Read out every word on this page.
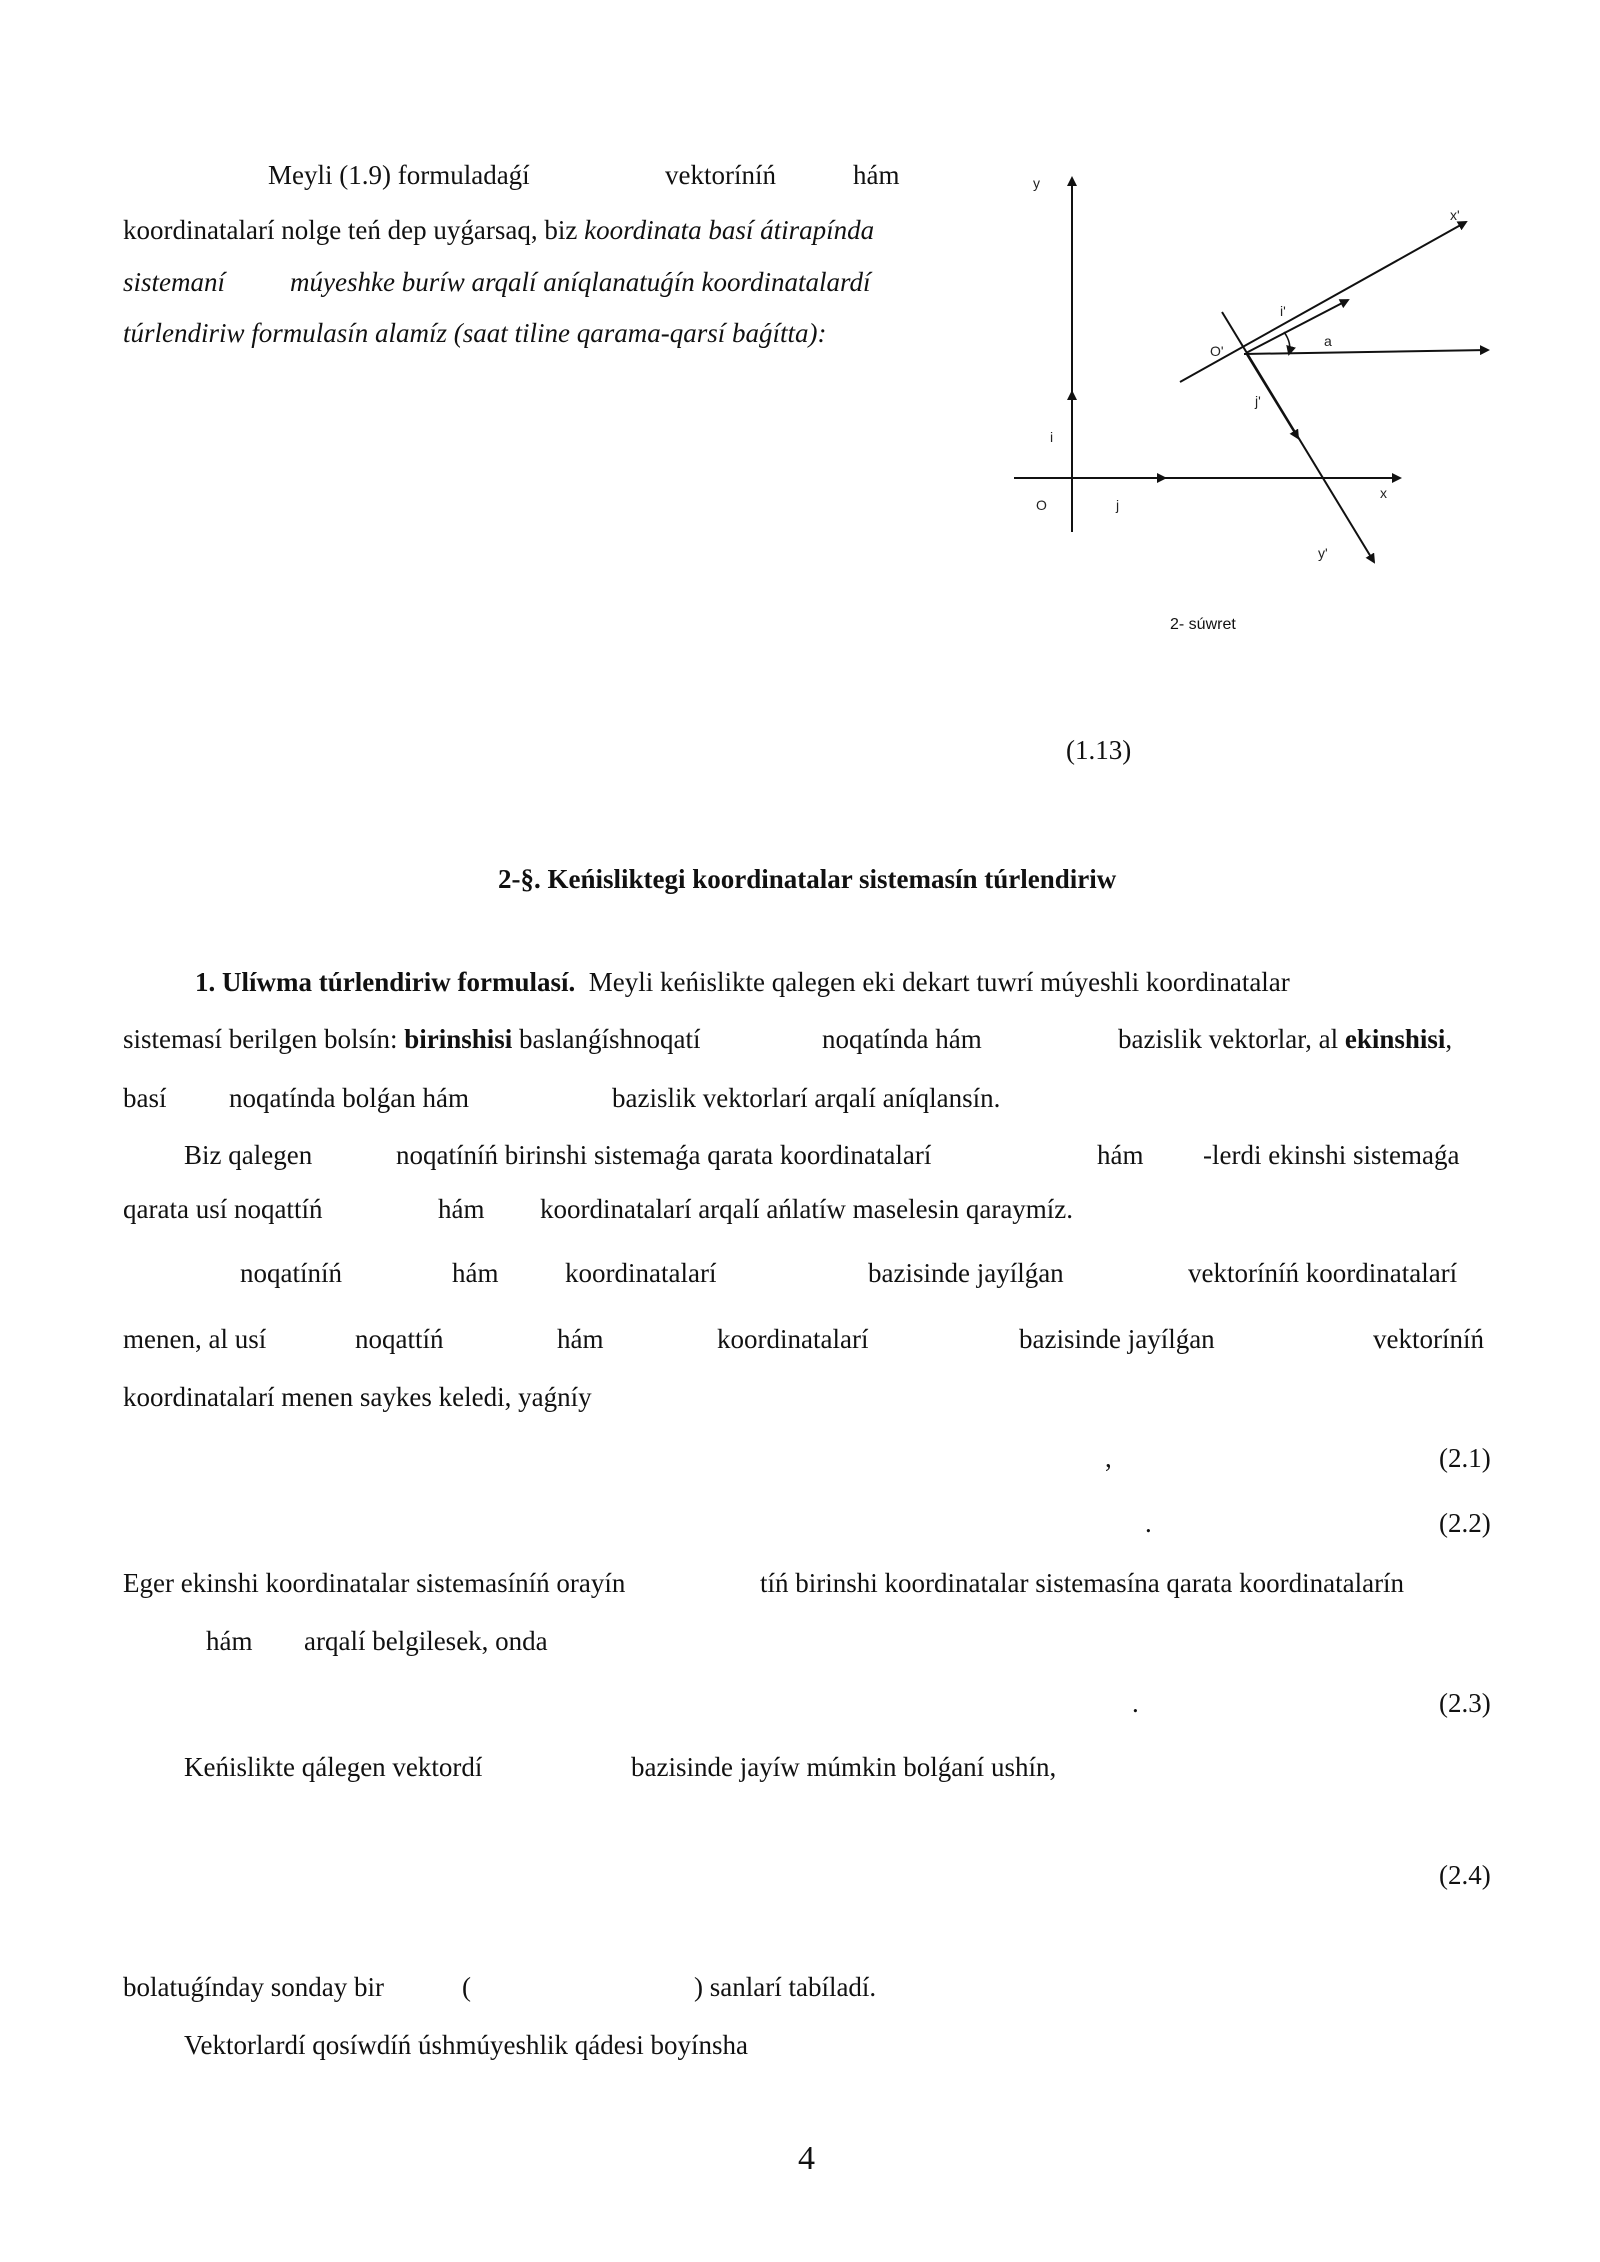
Meyli (1.9) formuladaǵí	vektoríníń	hám
koordinatalarí nolge teń dep uyǵarsaq, biz koordinata basí átirapínda
sistemaní múyeshke buríw arqalí aníqlanatuǵín koordinatalardí
túrlendiriw formulasín alamíz (saat tiline qarama-qarsí baǵítta):
y
x
O
i
j
O'
x'
y'
i'
j'
a
2- súwret
(1.13)
2-§. Keńisliktegi koordinatalar sistemasín túrlendiriw
1. Ulíwma túrlendiriw formulasí. Meyli keńislikte qalegen eki dekart tuwrí múyeshli koordinatalar
sistemasí berilgen bolsín: birinshisi baslanǵíshnoqatí	noqatínda hám	bazislik vektorlar, al ekinshisi,
basí noqatínda bolǵan hám	bazislik vektorlarí arqalí aníqlansín.
Biz qalegen	noqatíníń birinshi sistemaǵa qarata koordinatalarí	hám -lerdi ekinshi sistemaǵa
qarata usí noqattíń	hám koordinatalarí arqalí ańlatíw maselesin qaraymíz.
noqatíníń	hám koordinatalarí	bazisinde jayílǵan	vektoríníń koordinatalarí
menen, al usí	noqattíń	hám	koordinatalarí	bazisinde jayílǵan	vektoríníń
koordinatalarí menen saykes keledi, yaǵníy
,	(2.1)
.	(2.2)
Eger ekinshi koordinatalar sistemasíníń orayín	tíń birinshi koordinatalar sistemasína qarata koordinatalarín
hám arqalí belgilesek, onda
.	(2.3)
Keńislikte qálegen vektordí	bazisinde jayíw múmkin bolǵaní ushín,
(2.4)
bolatuǵínday sonday bir	(	) sanlarí tabíladí.
Vektorlardí qosíwdíń úshmúyeshlik qádesi boyínsha
4
